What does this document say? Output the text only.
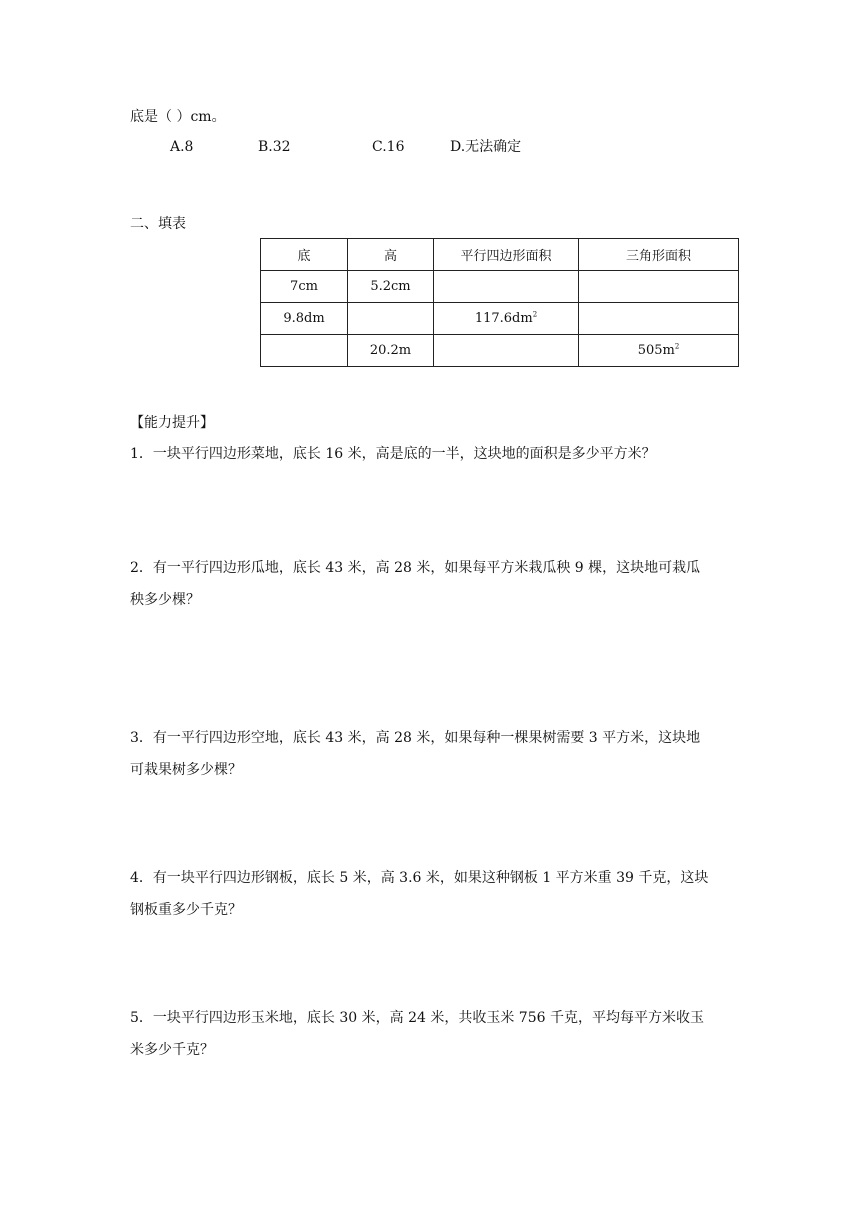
底是（ ）cm。
A.8	B.32	C.16	D.无法确定
二、填表
底	高	平行四边形面积	三角形面积
7cm	5.2cm		
9.8dm		$117.6dm^2$	
	20.2m		$505m^2$
【能力提升】

1．一块平行四边形菜地，底长 16 米，高是底的一半，这块地的面积是多少平方米？

2．有一平行四边形瓜地，底长 43 米，高 28 米，如果每平方米栽瓜秧 9 棵，这块地可栽瓜

秧多少棵？

3．有一平行四边形空地，底长 43 米，高 28 米，如果每种一棵果树需要 3 平方米，这块地

可栽果树多少棵？

4．有一块平行四边形钢板，底长 5 米，高 3.6 米，如果这种钢板 1 平方米重 39 千克，这块

钢板重多少千克？

5．一块平行四边形玉米地，底长 30 米，高 24 米，共收玉米 756 千克，平均每平方米收玉

米多少千克？
